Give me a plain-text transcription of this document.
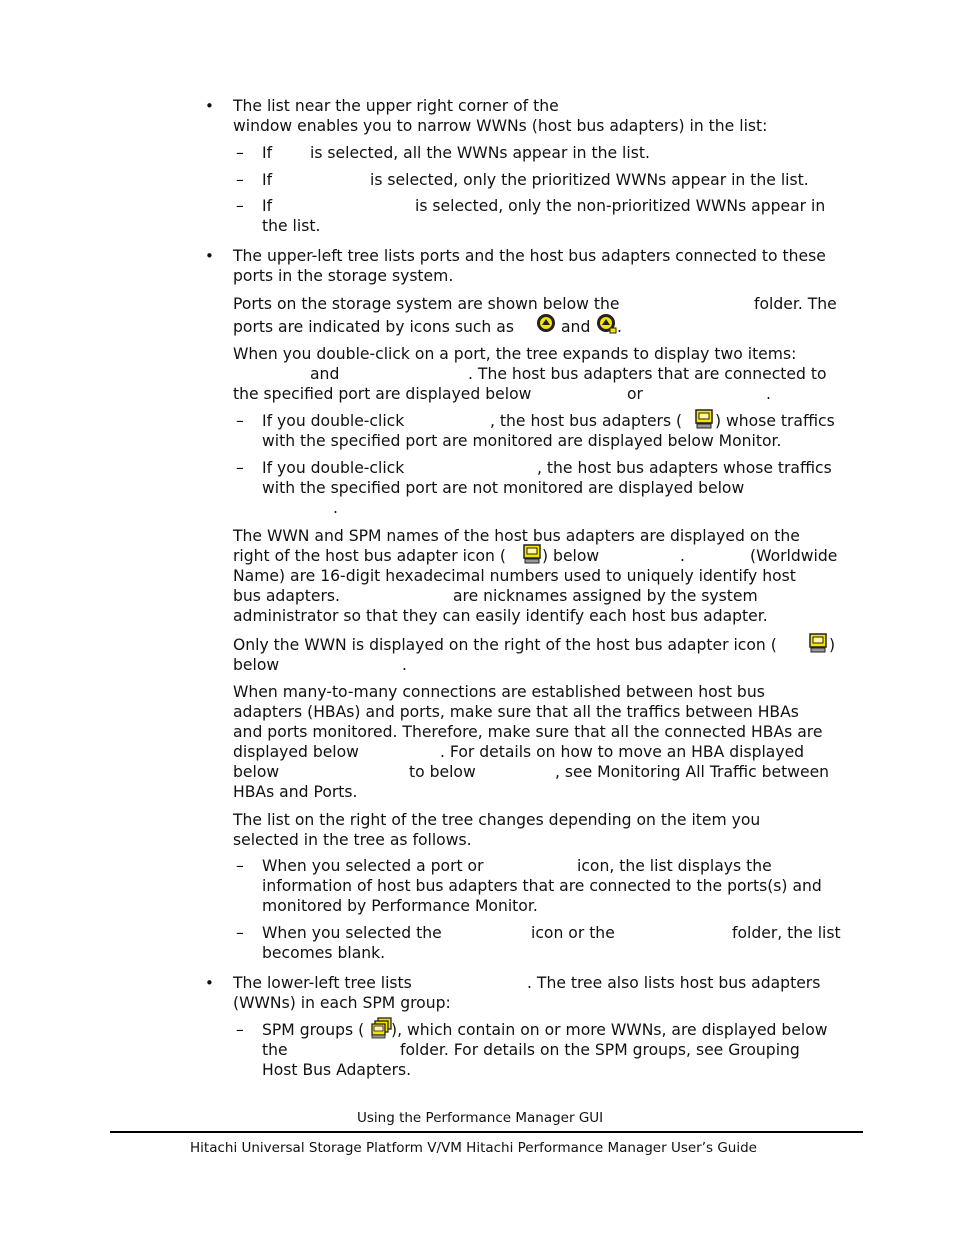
• The list near the upper right corner of the
window enables you to narrow WWNs (host bus adapters) in the list:
– If is selected, all the WWNs appear in the list.
– If	is selected, only the prioritized WWNs appear in the list.
– If	is selected, only the non-prioritized WWNs appear in
the list.
• The upper-left tree lists ports and the host bus adapters connected to these
ports in the storage system.
Ports on the storage system are shown below the	folder. The
ports are indicated by icons such as	and .
When you double-click on a port, the tree expands to display two items:
and	. The host bus adapters that are connected to
the specified port are displayed below	or	.
– If you double-click	, the host bus adapters ( ) whose traffics
with the specified port are monitored are displayed below Monitor.
– If you double-click	, the host bus adapters whose traffics
with the specified port are not monitored are displayed below
.
The WWN and SPM names of the host bus adapters are displayed on the
right of the host bus adapter icon ( ) below	.	(Worldwide
Name) are 16-digit hexadecimal numbers used to uniquely identify host
bus adapters.	are nicknames assigned by the system
administrator so that they can easily identify each host bus adapter.
Only the WWN is displayed on the right of the host bus adapter icon (	)
below	.
When many-to-many connections are established between host bus
adapters (HBAs) and ports, make sure that all the traffics between HBAs
and ports monitored. Therefore, make sure that all the connected HBAs are
displayed below	. For details on how to move an HBA displayed
below	to below	, see Monitoring All Traffic between
HBAs and Ports.
The list on the right of the tree changes depending on the item you
selected in the tree as follows.
– When you selected a port or	icon, the list displays the
information of host bus adapters that are connected to the ports(s) and
monitored by Performance Monitor.
– When you selected the	icon or the	folder, the list
becomes blank.
• The lower-left tree lists	. The tree also lists host bus adapters
(WWNs) in each SPM group:
– SPM groups ( ), which contain on or more WWNs, are displayed below
the	folder. For details on the SPM groups, see Grouping
Host Bus Adapters.
Using the Performance Manager GUI
Hitachi Universal Storage Platform V/VM Hitachi Performance Manager User’s Guide
